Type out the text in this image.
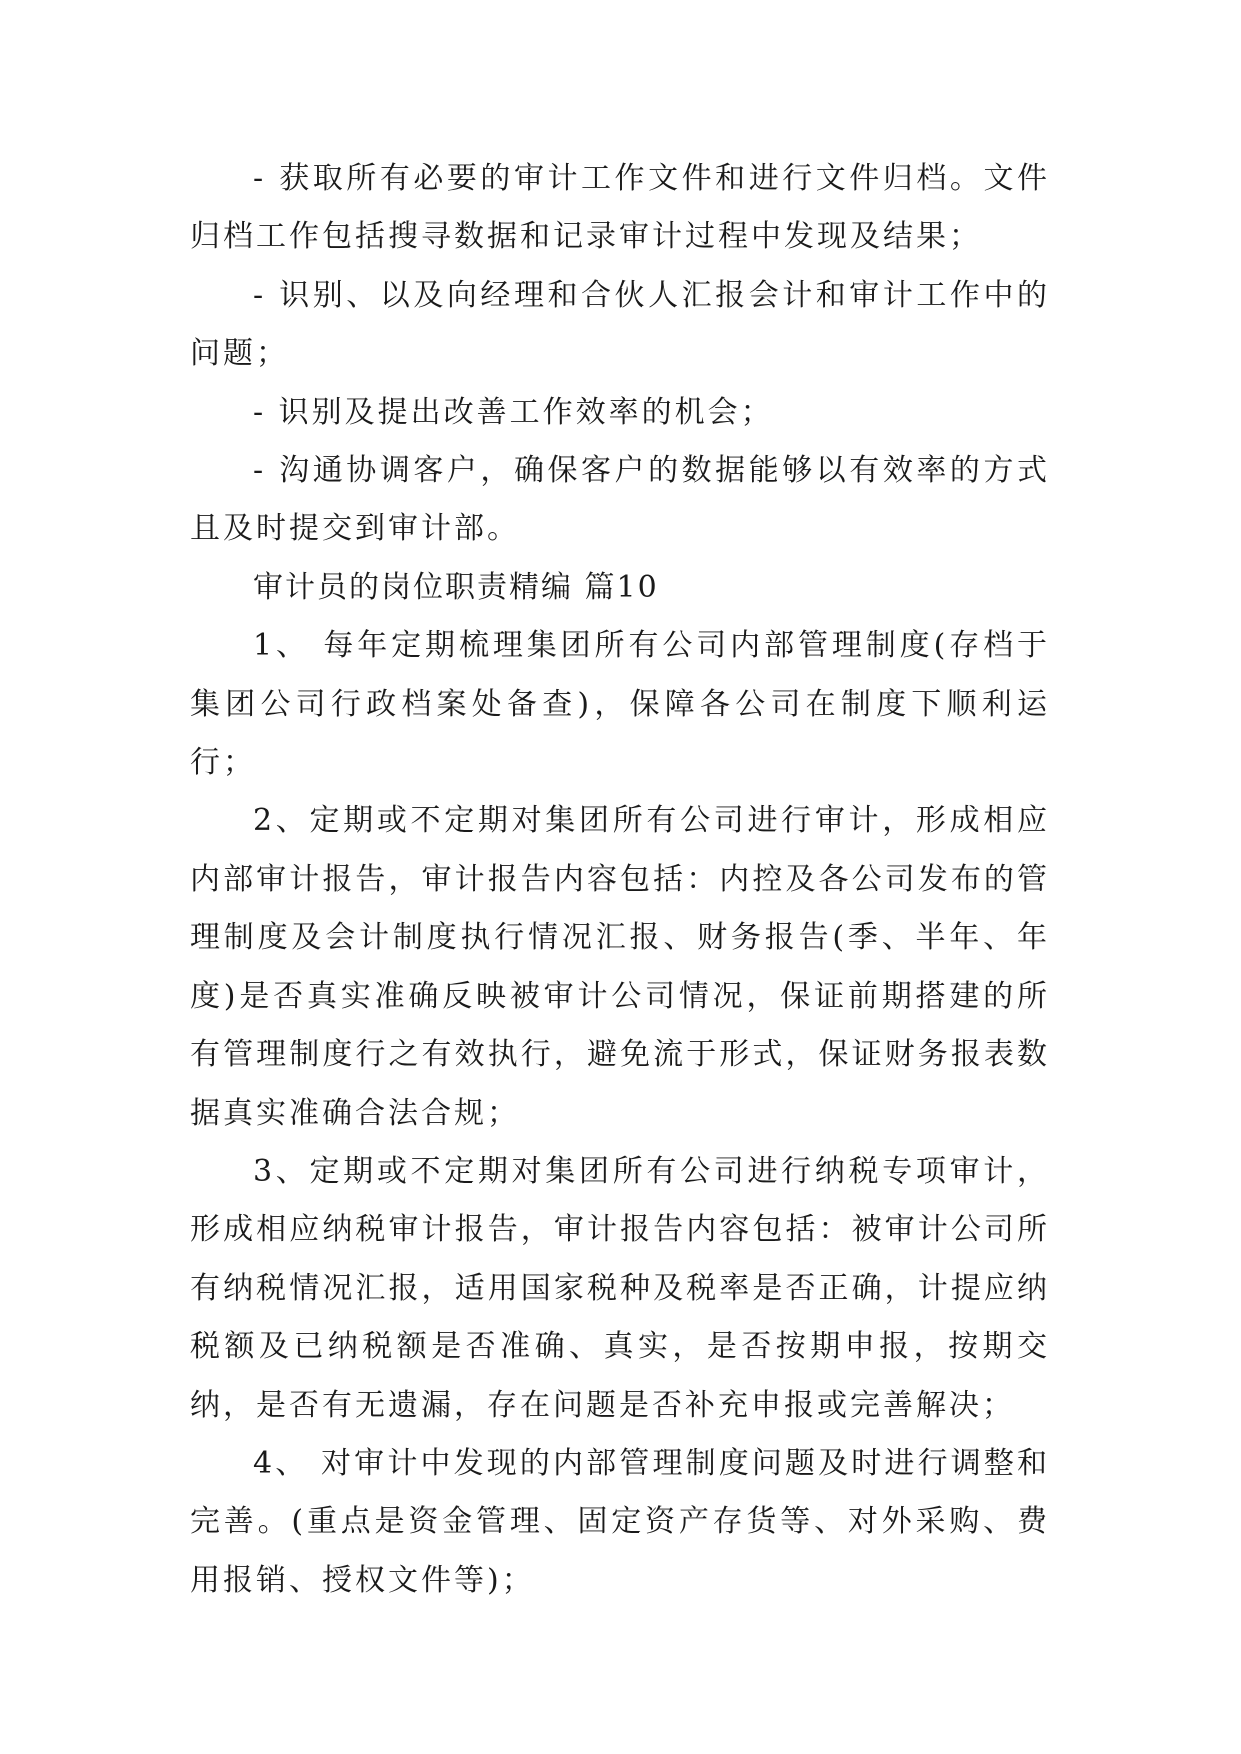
- 获取所有必要的审计工作文件和进行文件归档。文件归档工作包括搜寻数据和记录审计过程中发现及结果；

- 识别、以及向经理和合伙人汇报会计和审计工作中的问题；

- 识别及提出改善工作效率的机会；

- 沟通协调客户，确保客户的数据能够以有效率的方式且及时提交到审计部。

审计员的岗位职责精编 篇10

1、 每年定期梳理集团所有公司内部管理制度(存档于集团公司行政档案处备查)，保障各公司在制度下顺利运行；

2、定期或不定期对集团所有公司进行审计，形成相应内部审计报告，审计报告内容包括：内控及各公司发布的管理制度及会计制度执行情况汇报、财务报告(季、半年、年度)是否真实准确反映被审计公司情况，保证前期搭建的所有管理制度行之有效执行，避免流于形式，保证财务报表数据真实准确合法合规；

3、定期或不定期对集团所有公司进行纳税专项审计，形成相应纳税审计报告，审计报告内容包括：被审计公司所有纳税情况汇报，适用国家税种及税率是否正确，计提应纳税额及已纳税额是否准确、真实，是否按期申报，按期交纳，是否有无遗漏，存在问题是否补充申报或完善解决；

4、 对审计中发现的内部管理制度问题及时进行调整和完善。(重点是资金管理、固定资产存货等、对外采购、费用报销、授权文件等)；
